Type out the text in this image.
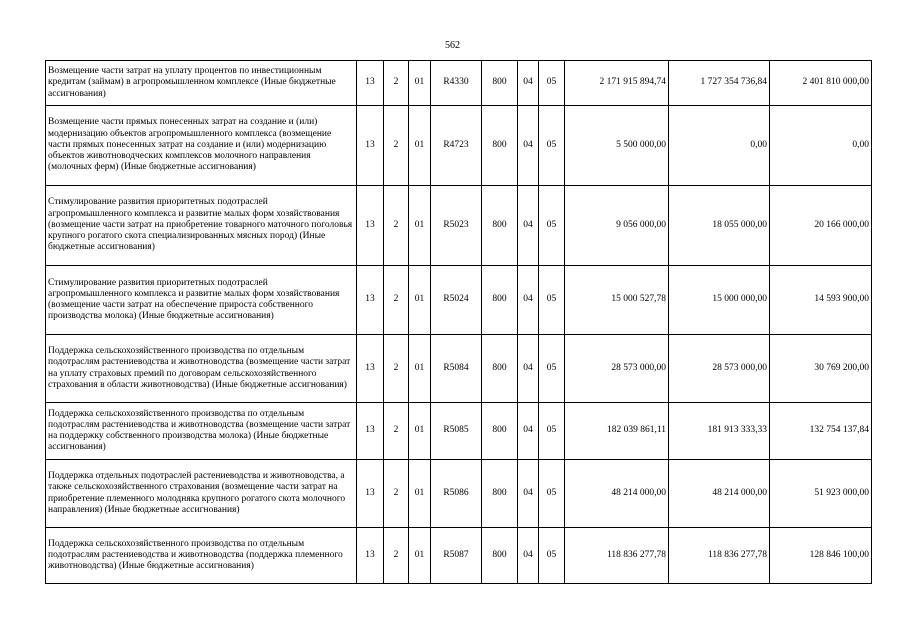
562
Возмещение части затрат на уплату процентов по инвестиционным кредитам (займам) в агропромышленном комплексе (Иные бюджетные ассигнования)	13	2	01	R4330	800	04	05	2 171 915 894,74	1 727 354 736,84	2 401 810 000,00
Возмещение части прямых понесенных затрат на создание и (или) модернизацию объектов агропромышленного комплекса (возмещение части прямых понесенных затрат на создание и (или) модернизацию объектов животноводческих комплексов молочного направления (молочных ферм) (Иные бюджетные ассигнования)	13	2	01	R4723	800	04	05	5 500 000,00	0,00	0,00
Стимулирование развития приоритетных подотраслей агропромышленного комплекса и развитие малых форм хозяйствования (возмещение части затрат на приобретение товарного маточного поголовья крупного рогатого скота специализированных мясных пород) (Иные бюджетные ассигнования)	13	2	01	R5023	800	04	05	9 056 000,00	18 055 000,00	20 166 000,00
Стимулирование развития приоритетных подотраслей агропромышленного комплекса и развитие малых форм хозяйствования (возмещение части затрат на обеспечение прироста собственного производства молока) (Иные бюджетные ассигнования)	13	2	01	R5024	800	04	05	15 000 527,78	15 000 000,00	14 593 900,00
Поддержка сельскохозяйственного производства по отдельным подотраслям растениеводства и животноводства (возмещение части затрат на уплату страховых премий по договорам сельскохозяйственного страхования в области животноводства) (Иные бюджетные ассигнования)	13	2	01	R5084	800	04	05	28 573 000,00	28 573 000,00	30 769 200,00
Поддержка сельскохозяйственного производства по отдельным подотраслям растениеводства и животноводства (возмещение части затрат на поддержку собственного производства молока) (Иные бюджетные ассигнования)	13	2	01	R5085	800	04	05	182 039 861,11	181 913 333,33	132 754 137,84
Поддержка отдельных подотраслей растениеводства и животноводства, а также сельскохозяйственного страхования (возмещение части затрат на приобретение племенного молодняка крупного рогатого скота молочного направления) (Иные бюджетные ассигнования)	13	2	01	R5086	800	04	05	48 214 000,00	48 214 000,00	51 923 000,00
Поддержка сельскохозяйственного производства по отдельным подотраслям растениеводства и животноводства (поддержка племенного животноводства) (Иные бюджетные ассигнования)	13	2	01	R5087	800	04	05	118 836 277,78	118 836 277,78	128 846 100,00
